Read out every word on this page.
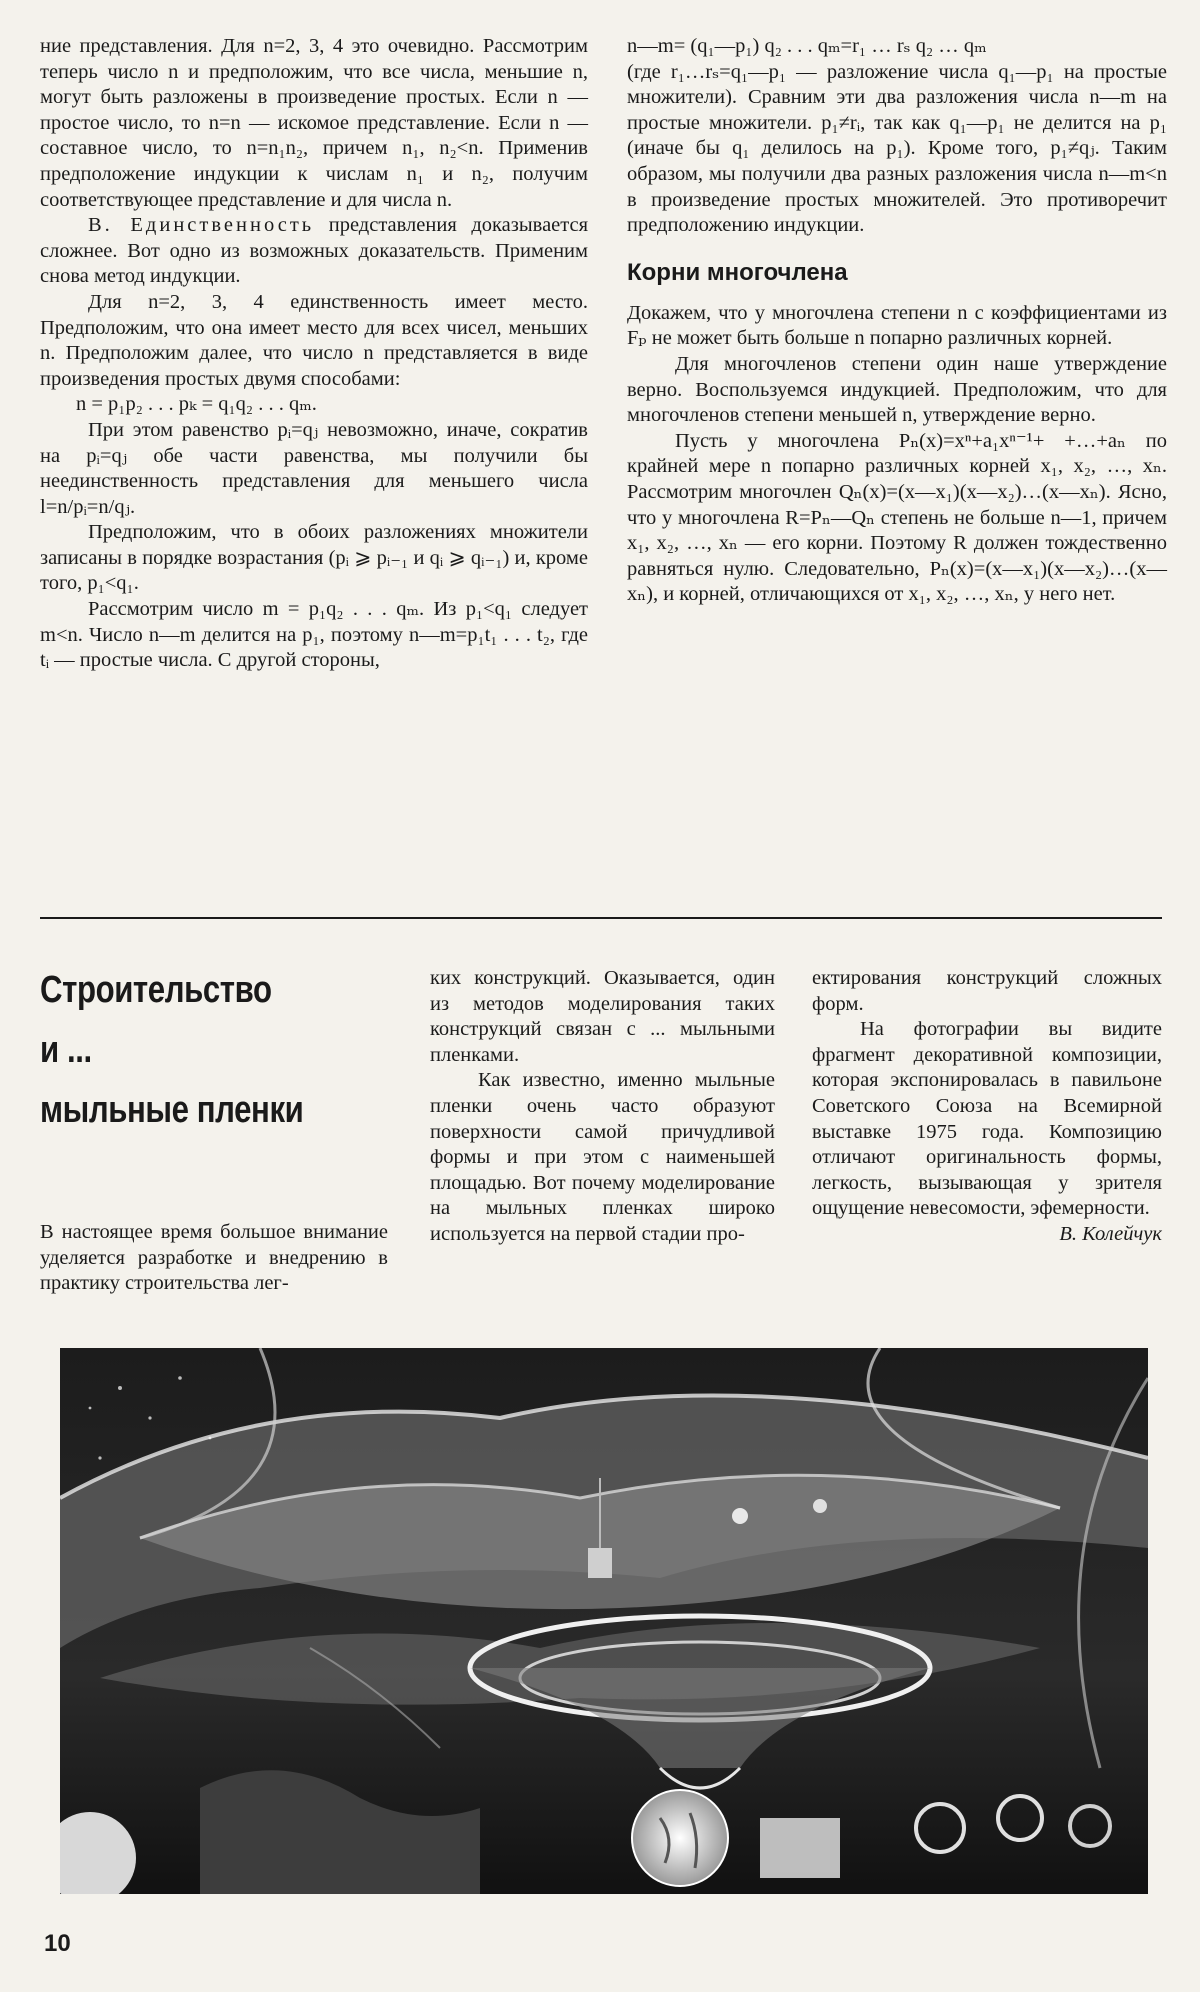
ние представления. Для n=2, 3, 4 это очевидно. Рассмотрим теперь число n и предположим, что все числа, меньшие n, могут быть разложены в произведение простых. Если n — простое число, то n=n — искомое представление. Если n — составное число, то n=n₁n₂, причем n₁, n₂<n. Применив предположение индукции к числам n₁ и n₂, получим соответствующее представление и для числа n.

В. Единственность представления доказывается сложнее. Вот одно из возможных доказательств. Применим снова метод индукции.

Для n=2, 3, 4 единственность имеет место. Предположим, что она имеет место для всех чисел, меньших n. Предположим далее, что число n представляется в виде произведения простых двумя способами:

n = p₁p₂ . . . pₖ = q₁q₂ . . . qₘ.

При этом равенство pᵢ=qⱼ невозможно, иначе, сократив на pᵢ=qⱼ обе части равенства, мы получили бы неединственность представления для меньшего числа l=n/pᵢ=n/qⱼ.

Предположим, что в обоих разложениях множители записаны в порядке возрастания (pᵢ ⩾ pᵢ₋₁ и qᵢ ⩾ qᵢ₋₁) и, кроме того, p₁<q₁.

Рассмотрим число m = p₁q₂ . . . qₘ. Из p₁<q₁ следует m<n. Число n—m делится на p₁, поэтому n—m=p₁t₁ . . . t₂, где tᵢ — простые числа. С другой стороны,

n—m= (q₁—p₁) q₂ . . . qₘ=r₁ … rₛ q₂ … qₘ

(где r₁…rₛ=q₁—p₁ — разложение числа q₁—p₁ на простые множители). Сравним эти два разложения числа n—m на простые множители. p₁≠rᵢ, так как q₁—p₁ не делится на p₁ (иначе бы q₁ делилось на p₁). Кроме того, p₁≠qⱼ. Таким образом, мы получили два разных разложения числа n—m<n в произведение простых множителей. Это противоречит предположению индукции.

Корни многочлена

Докажем, что у многочлена степени n с коэффициентами из Fₚ не может быть больше n попарно различных корней.

Для многочленов степени один наше утверждение верно. Воспользуемся индукцией. Предположим, что для многочленов степени меньшей n, утверждение верно.

Пусть у многочлена Pₙ(x)=xⁿ+a₁xⁿ⁻¹+ +…+aₙ по крайней мере n попарно различных корней x₁, x₂, …, xₙ. Рассмотрим многочлен Qₙ(x)=(x—x₁)(x—x₂)…(x—xₙ). Ясно, что у многочлена R=Pₙ—Qₙ степень не больше n—1, причем x₁, x₂, …, xₙ — его корни. Поэтому R должен тождественно равняться нулю. Следовательно, Pₙ(x)=(x—x₁)(x—x₂)…(x—xₙ), и корней, отличающихся от x₁, x₂, …, xₙ, у него нет.

Строительство
и ...
мыльные пленки

В настоящее время большое внимание уделяется разработке и внедрению в практику строительства лег-

ких конструкций. Оказывается, один из методов моделирования таких конструкций связан с ... мыльными пленками.

Как известно, именно мыльные пленки очень часто образуют поверхности самой причудливой формы и при этом с наименьшей площадью. Вот почему моделирование на мыльных пленках широко используется на первой стадии про-

ектирования конструкций сложных форм.

На фотографии вы видите фрагмент декоративной композиции, которая экспонировалась в павильоне Советского Союза на Всемирной выставке 1975 года. Композицию отличают оригинальность формы, легкость, вызывающая у зрителя ощущение невесомости, эфемерности.

В. Колейчук

10
